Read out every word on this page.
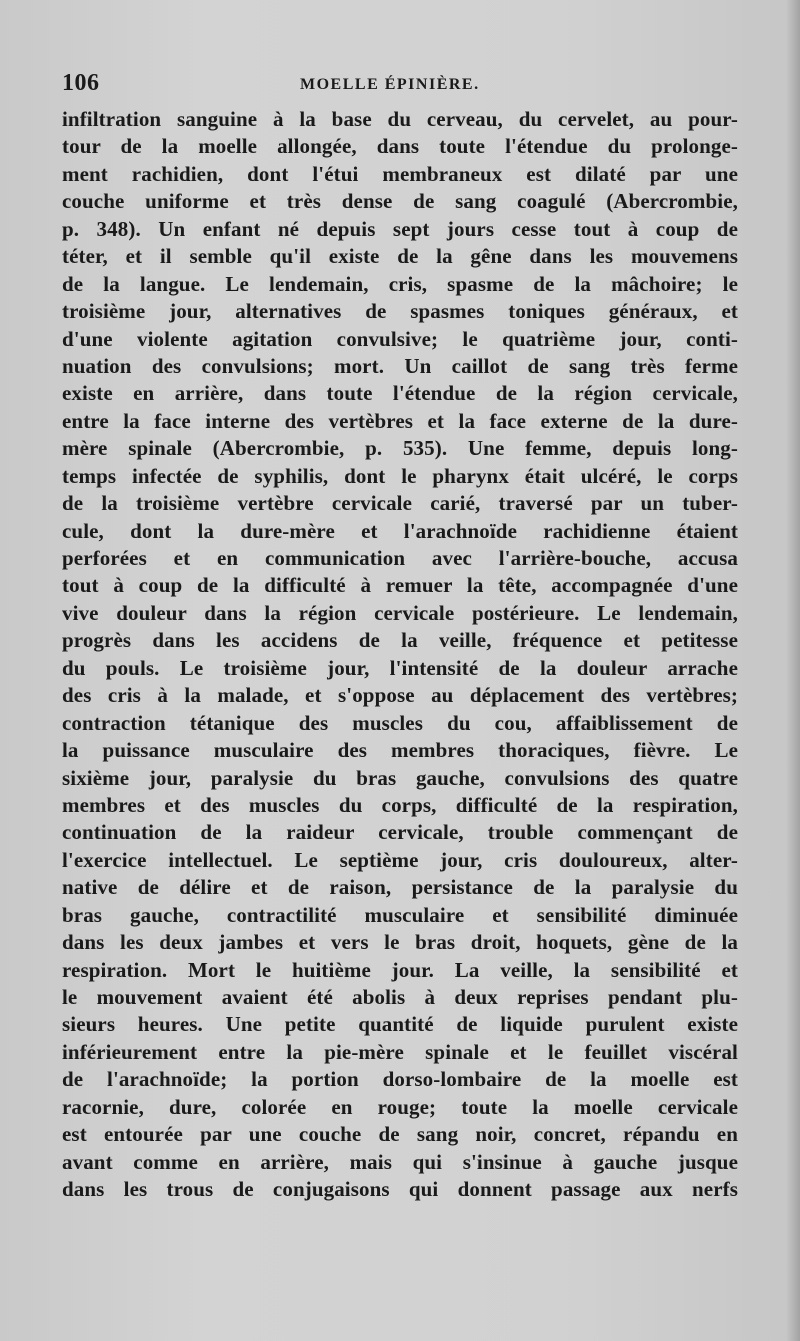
106	MOELLE ÉPINIÈRE.
infiltration sanguine à la base du cerveau, du cervelet, au pour-
tour de la moelle allongée, dans toute l'étendue du prolonge-
ment rachidien, dont l'étui membraneux est dilaté par une
couche uniforme et très dense de sang coagulé (Abercrombie,
p. 348). Un enfant né depuis sept jours cesse tout à coup de
téter, et il semble qu'il existe de la gêne dans les mouvemens
de la langue. Le lendemain, cris, spasme de la mâchoire; le
troisième jour, alternatives de spasmes toniques généraux, et
d'une violente agitation convulsive; le quatrième jour, conti-
nuation des convulsions; mort. Un caillot de sang très ferme
existe en arrière, dans toute l'étendue de la région cervicale,
entre la face interne des vertèbres et la face externe de la dure-
mère spinale (Abercrombie, p. 535). Une femme, depuis long-
temps infectée de syphilis, dont le pharynx était ulcéré, le corps
de la troisième vertèbre cervicale carié, traversé par un tuber-
cule, dont la dure-mère et l'arachnoïde rachidienne étaient
perforées et en communication avec l'arrière-bouche, accusa
tout à coup de la difficulté à remuer la tête, accompagnée d'une
vive douleur dans la région cervicale postérieure. Le lendemain,
progrès dans les accidens de la veille, fréquence et petitesse
du pouls. Le troisième jour, l'intensité de la douleur arrache
des cris à la malade, et s'oppose au déplacement des vertèbres;
contraction tétanique des muscles du cou, affaiblissement de
la puissance musculaire des membres thoraciques, fièvre. Le
sixième jour, paralysie du bras gauche, convulsions des quatre
membres et des muscles du corps, difficulté de la respiration,
continuation de la raideur cervicale, trouble commençant de
l'exercice intellectuel. Le septième jour, cris douloureux, alter-
native de délire et de raison, persistance de la paralysie du
bras gauche, contractilité musculaire et sensibilité diminuée
dans les deux jambes et vers le bras droit, hoquets, gène de la
respiration. Mort le huitième jour. La veille, la sensibilité et
le mouvement avaient été abolis à deux reprises pendant plu-
sieurs heures. Une petite quantité de liquide purulent existe
inférieurement entre la pie-mère spinale et le feuillet viscéral
de l'arachnoïde; la portion dorso-lombaire de la moelle est
racornie, dure, colorée en rouge; toute la moelle cervicale
est entourée par une couche de sang noir, concret, répandu en
avant comme en arrière, mais qui s'insinue à gauche jusque
dans les trous de conjugaisons qui donnent passage aux nerfs
